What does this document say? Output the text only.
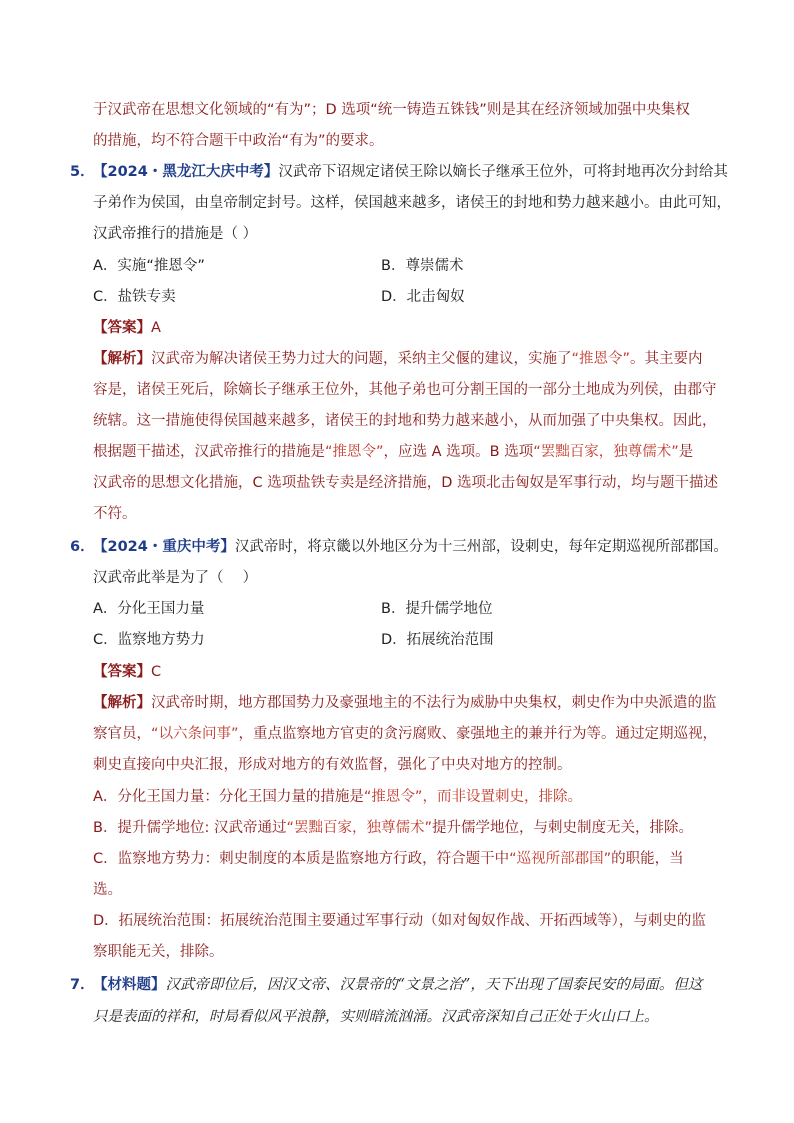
于汉武帝在思想文化领域的“有为”；D 选项“统一铸造五铢钱”则是其在经济领域加强中央集权
的措施，均不符合题干中政治“有为”的要求。
5．
【2024・黑龙江大庆中考】汉武帝下诏规定诸侯王除以嫡长子继承王位外，可将封地再次分封给其
子弟作为侯国，由皇帝制定封号。这样，侯国越来越多，诸侯王的封地和势力越来越小。由此可知，
汉武帝推行的措施是（ ）
A．实施“推恩令”	B．尊崇儒术
C．盐铁专卖	D．北击匈奴
【答案】A
【解析】汉武帝为解决诸侯王势力过大的问题，采纳主父偃的建议，实施了“推恩令”。其主要内
容是，诸侯王死后，除嫡长子继承王位外，其他子弟也可分割王国的一部分土地成为列侯，由郡守
统辖。这一措施使得侯国越来越多，诸侯王的封地和势力越来越小，从而加强了中央集权。因此，
根据题干描述，汉武帝推行的措施是“推恩令”，应选 A 选项。B 选项“罢黜百家，独尊儒术”是
汉武帝的思想文化措施，C 选项盐铁专卖是经济措施，D 选项北击匈奴是军事行动，均与题干描述
不符。
6．
【2024・重庆中考】汉武帝时，将京畿以外地区分为十三州部，设刺史，每年定期巡视所部郡国。
汉武帝此举是为了（　 ）
A．分化王国力量	B．提升儒学地位
C．监察地方势力	D．拓展统治范围
【答案】C
【解析】汉武帝时期，地方郡国势力及豪强地主的不法行为威胁中央集权，刺史作为中央派遣的监
察官员，“以六条问事”，重点监察地方官吏的贪污腐败、豪强地主的兼并行为等。通过定期巡视，
刺史直接向中央汇报，形成对地方的有效监督，强化了中央对地方的控制。
A．分化王国力量：分化王国力量的措施是“推恩令”，而非设置刺史，排除。
B．提升儒学地位: 汉武帝通过“罢黜百家，独尊儒术”提升儒学地位，与刺史制度无关，排除。
C．监察地方势力：刺史制度的本质是监察地方行政，符合题干中“巡视所部郡国”的职能，当
选。
D．拓展统治范围：拓展统治范围主要通过军事行动（如对匈奴作战、开拓西域等），与刺史的监
察职能无关，排除。
7．
【材料题】汉武帝即位后，因汉文帝、汉景帝的“文景之治”，天下出现了国泰民安的局面。但这
只是表面的祥和，时局看似风平浪静，实则暗流汹涌。汉武帝深知自己正处于火山口上。
